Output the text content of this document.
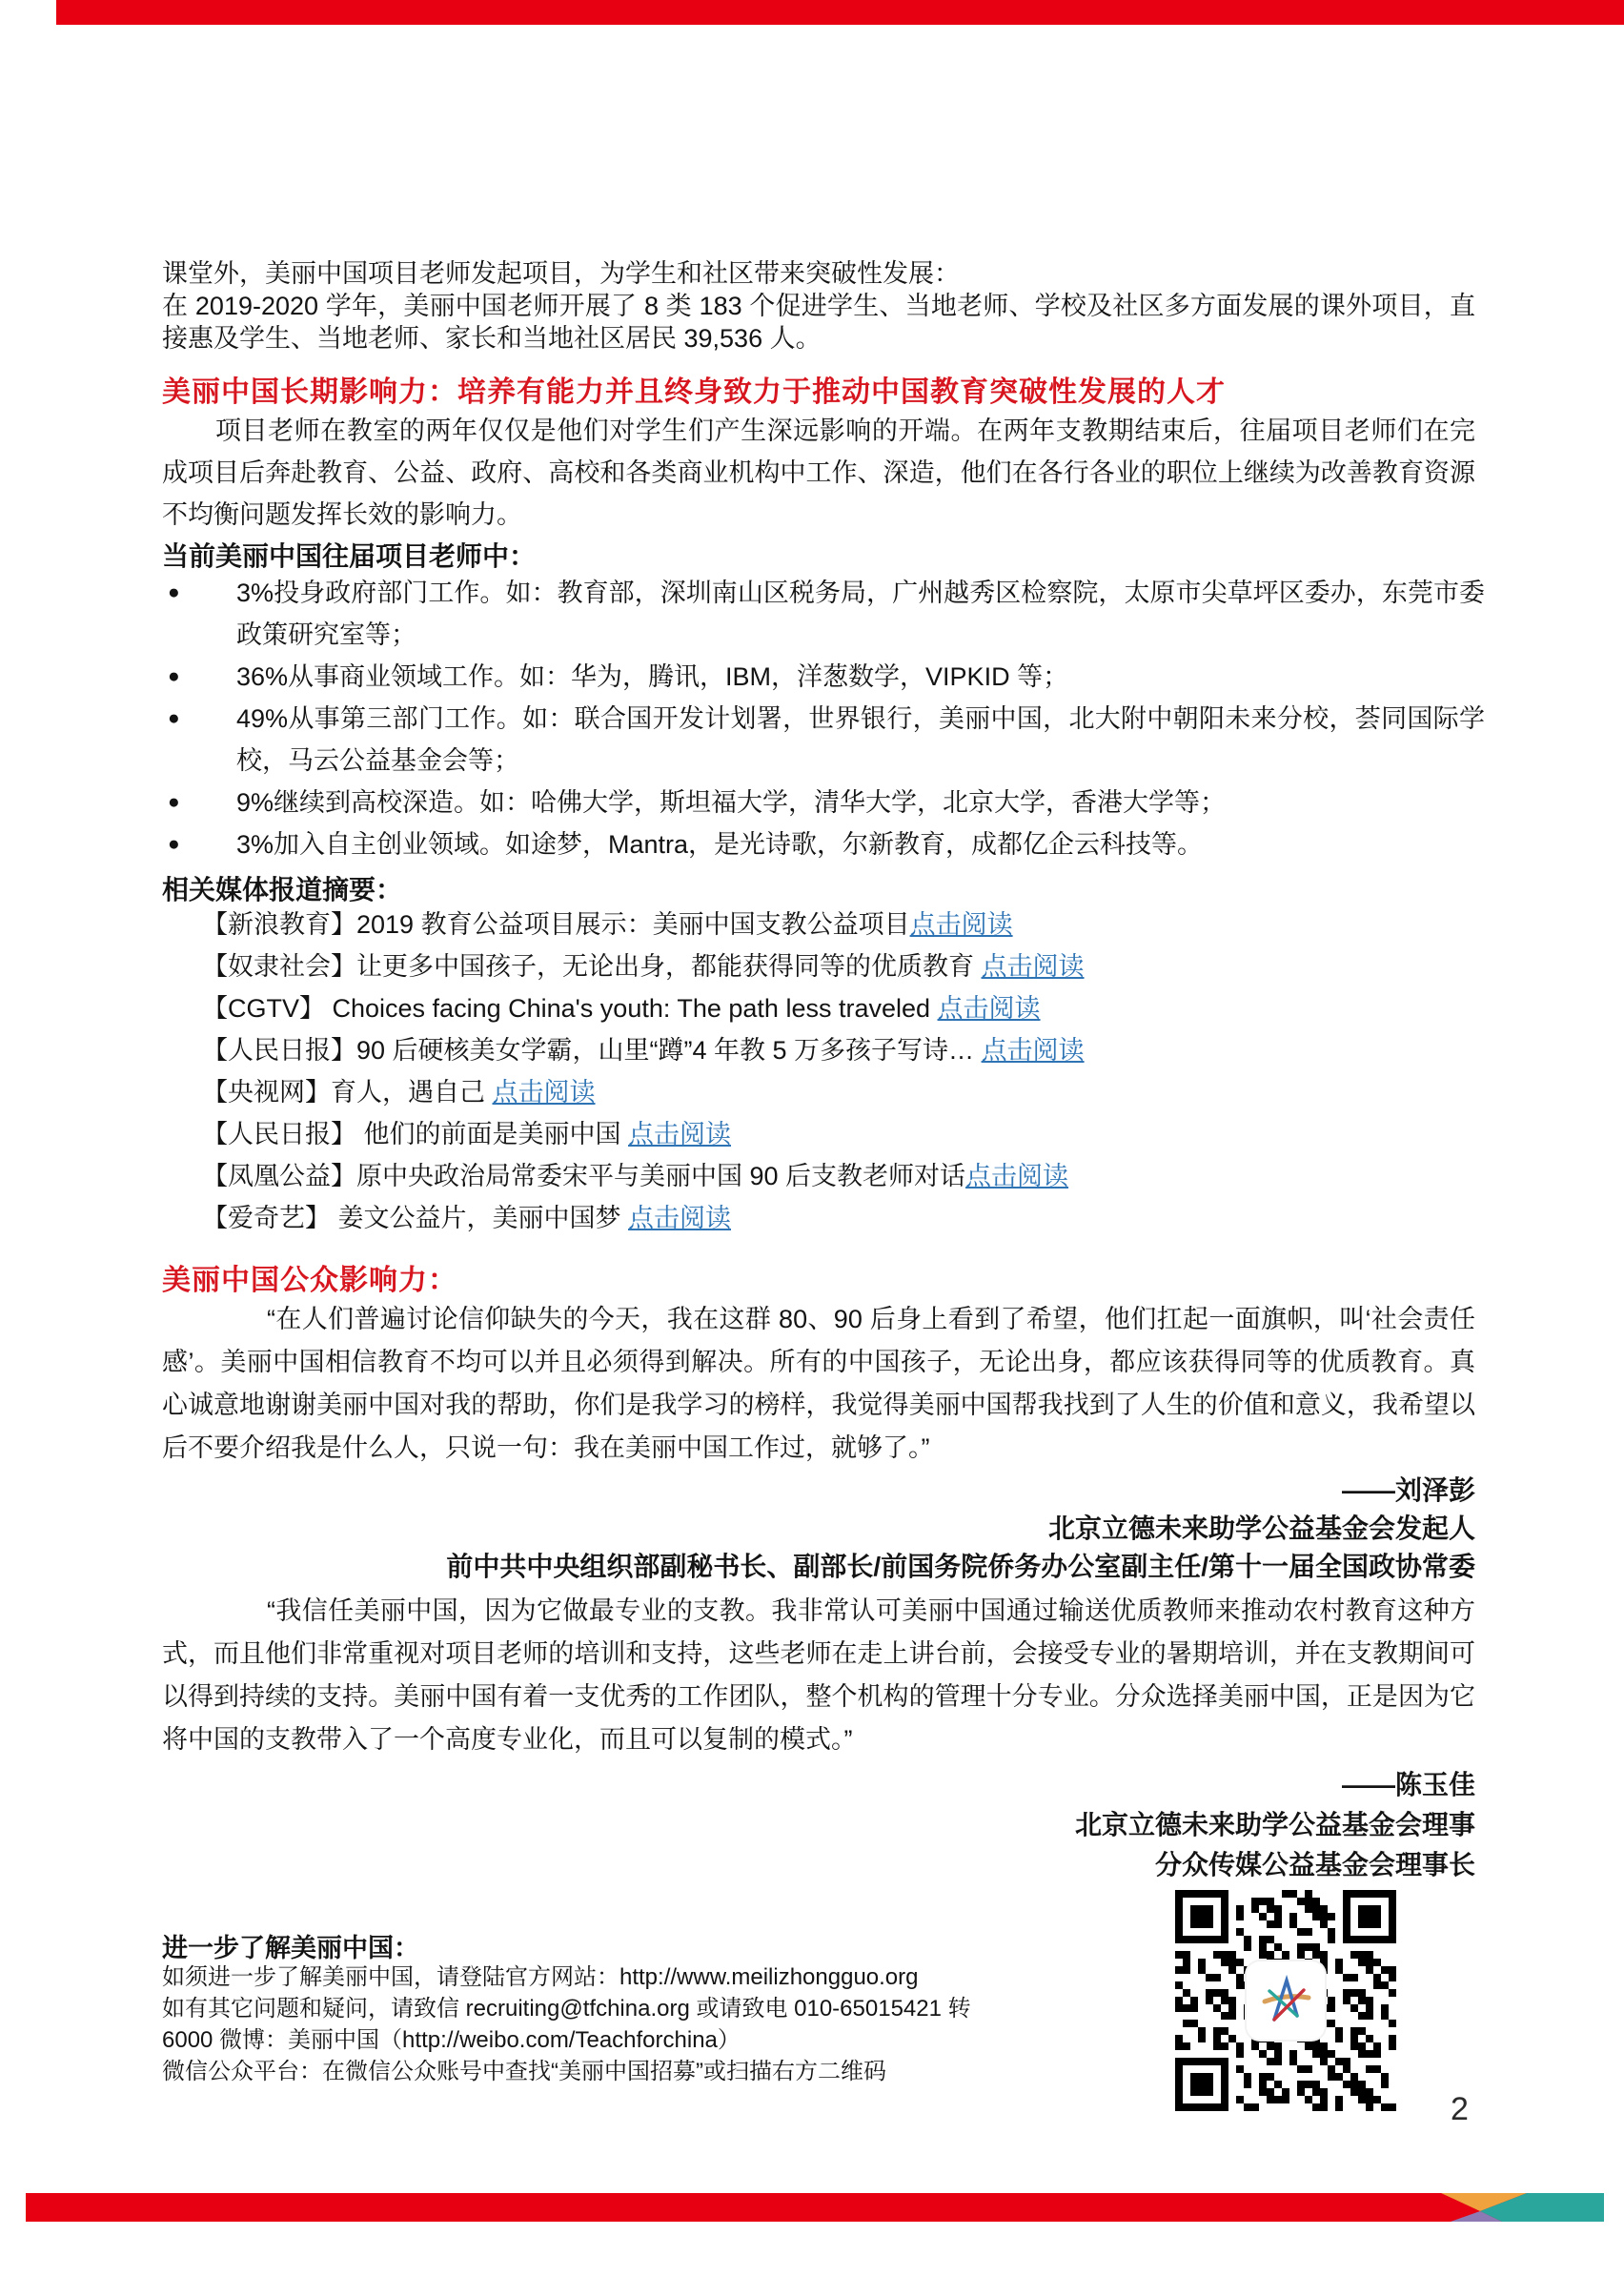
课堂外，美丽中国项目老师发起项目，为学生和社区带来突破性发展：
在 2019-2020 学年，美丽中国老师开展了 8 类 183 个促进学生、当地老师、学校及社区多方面发展的课外项目，直接惠及学生、当地老师、家长和当地社区居民 39,536 人。
美丽中国长期影响力：培养有能力并且终身致力于推动中国教育突破性发展的人才
项目老师在教室的两年仅仅是他们对学生们产生深远影响的开端。在两年支教期结束后，往届项目老师们在完成项目后奔赴教育、公益、政府、高校和各类商业机构中工作、深造，他们在各行各业的职位上继续为改善教育资源不均衡问题发挥长效的影响力。
当前美丽中国往届项目老师中：
● 3%投身政府部门工作。如：教育部，深圳南山区税务局，广州越秀区检察院，太原市尖草坪区委办，东莞市委政策研究室等；
● 36%从事商业领域工作。如：华为，腾讯，IBM，洋葱数学，VIPKID 等；
● 49%从事第三部门工作。如：联合国开发计划署，世界银行，美丽中国，北大附中朝阳未来分校，荟同国际学校，马云公益基金会等；
● 9%继续到高校深造。如：哈佛大学，斯坦福大学，清华大学，北京大学，香港大学等；
● 3%加入自主创业领域。如途梦，Mantra，是光诗歌，尔新教育，成都亿企云科技等。
相关媒体报道摘要：
【新浪教育】2019 教育公益项目展示：美丽中国支教公益项目点击阅读
【奴隶社会】让更多中国孩子，无论出身，都能获得同等的优质教育 点击阅读
【CGTV】 Choices facing China's youth: The path less traveled 点击阅读
【人民日报】90 后硬核美女学霸，山里“蹲”4 年教 5 万多孩子写诗… 点击阅读
【央视网】育人，遇自己 点击阅读
【人民日报】 他们的前面是美丽中国 点击阅读
【凤凰公益】原中央政治局常委宋平与美丽中国 90 后支教老师对话点击阅读
【爱奇艺】 姜文公益片，美丽中国梦 点击阅读
美丽中国公众影响力：
“在人们普遍讨论信仰缺失的今天，我在这群 80、90 后身上看到了希望，他们扛起一面旗帜，叫‘社会责任感’。美丽中国相信教育不均可以并且必须得到解决。所有的中国孩子，无论出身，都应该获得同等的优质教育。真心诚意地谢谢美丽中国对我的帮助，你们是我学习的榜样，我觉得美丽中国帮我找到了人生的价值和意义，我希望以后不要介绍我是什么人，只说一句：我在美丽中国工作过，就够了。”
——刘泽彭
北京立德未来助学公益基金会发起人
前中共中央组织部副秘书长、副部长/前国务院侨务办公室副主任/第十一届全国政协常委
“我信任美丽中国，因为它做最专业的支教。我非常认可美丽中国通过输送优质教师来推动农村教育这种方式，而且他们非常重视对项目老师的培训和支持，这些老师在走上讲台前，会接受专业的暑期培训，并在支教期间可以得到持续的支持。美丽中国有着一支优秀的工作团队，整个机构的管理十分专业。分众选择美丽中国，正是因为它将中国的支教带入了一个高度专业化，而且可以复制的模式。”
——陈玉佳
北京立德未来助学公益基金会理事
分众传媒公益基金会理事长
进一步了解美丽中国：
如须进一步了解美丽中国，请登陆官方网站：http://www.meilizhongguo.org
如有其它问题和疑问，请致信 recruiting@tfchina.org 或请致电 010-65015421 转
6000 微博：美丽中国（http://weibo.com/Teachforchina）
微信公众平台：在微信公众账号中查找“美丽中国招募”或扫描右方二维码
2
